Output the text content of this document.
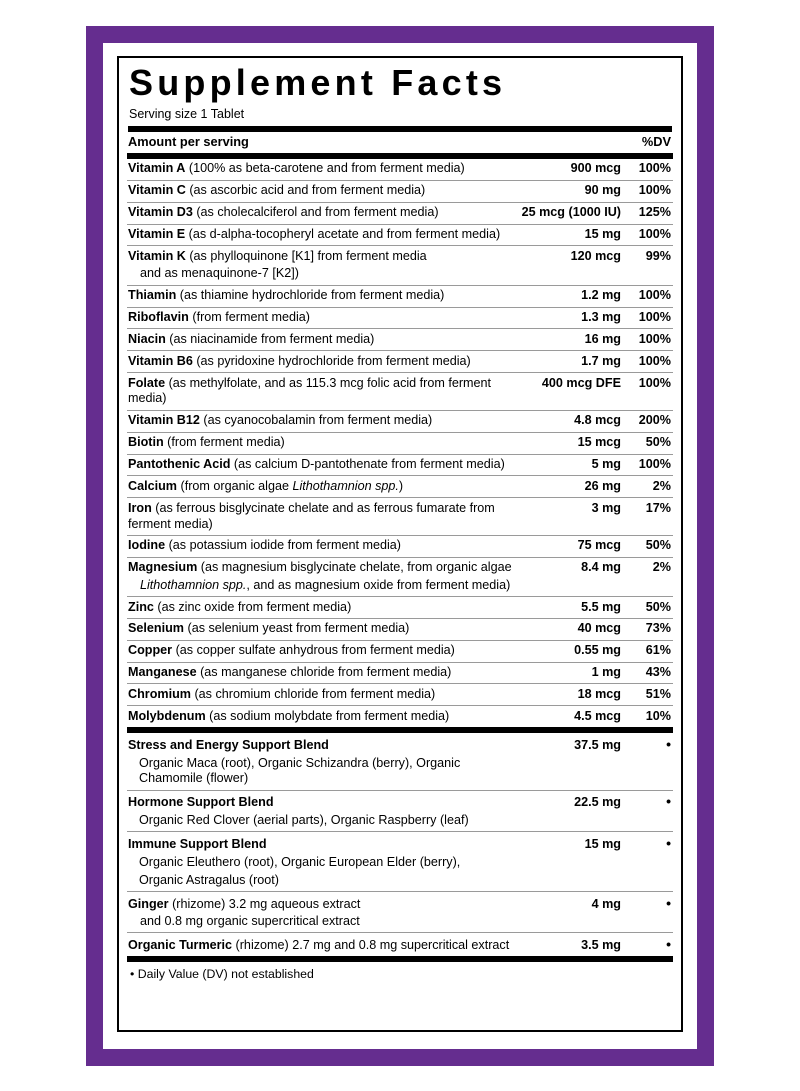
Supplement Facts
Serving size 1 Tablet
Amount per serving		%DV

Vitamin A (100% as beta-carotene and from ferment media)	900 mcg	100%

Vitamin C (as ascorbic acid and from ferment media)	90 mg	100%

Vitamin D3 (as cholecalciferol and from ferment media)	25 mcg (1000 IU)	125%

Vitamin E (as d-alpha-tocopheryl acetate and from ferment media)	15 mg	100%

Vitamin K (as phylloquinone [K1] from ferment media
and as menaquinone-7 [K2])	120 mcg	99%

Thiamin (as thiamine hydrochloride from ferment media)	1.2 mg	100%

Riboflavin (from ferment media)	1.3 mg	100%

Niacin (as niacinamide from ferment media)	16 mg	100%

Vitamin B6 (as pyridoxine hydrochloride from ferment media)	1.7 mg	100%

Folate (as methylfolate, and as 115.3 mcg folic acid from ferment media)	400 mcg DFE	100%

Vitamin B12 (as cyanocobalamin from ferment media)	4.8 mcg	200%

Biotin (from ferment media)	15 mcg	50%

Pantothenic Acid (as calcium D-pantothenate from ferment media)	5 mg	100%

Calcium (from organic algae Lithothamnion spp.)	26 mg	2%

Iron (as ferrous bisglycinate chelate and as ferrous fumarate from ferment media)	3 mg	17%

Iodine (as potassium iodide from ferment media)	75 mcg	50%

Magnesium (as magnesium bisglycinate chelate, from organic algae
Lithothamnion spp., and as magnesium oxide from ferment media)	8.4 mg	2%

Zinc (as zinc oxide from ferment media)	5.5 mg	50%

Selenium (as selenium yeast from ferment media)	40 mcg	73%

Copper (as copper sulfate anhydrous from ferment media)	0.55 mg	61%

Manganese (as manganese chloride from ferment media)	1 mg	43%

Chromium (as chromium chloride from ferment media)	18 mcg	51%

Molybdenum (as sodium molybdate from ferment media)	4.5 mcg	10%

Stress and Energy Support Blend
Organic Maca (root), Organic Schizandra (berry), Organic Chamomile (flower)	37.5 mg	•

Hormone Support Blend
Organic Red Clover (aerial parts), Organic Raspberry (leaf)	22.5 mg	•

Immune Support Blend
Organic Eleuthero (root), Organic European Elder (berry),
Organic Astragalus (root)	15 mg	•

Ginger (rhizome) 3.2 mg aqueous extract
and 0.8 mg organic supercritical extract	4 mg	•

Organic Turmeric (rhizome) 2.7 mg and 0.8 mg supercritical extract	3.5 mg	•

• Daily Value (DV) not established
